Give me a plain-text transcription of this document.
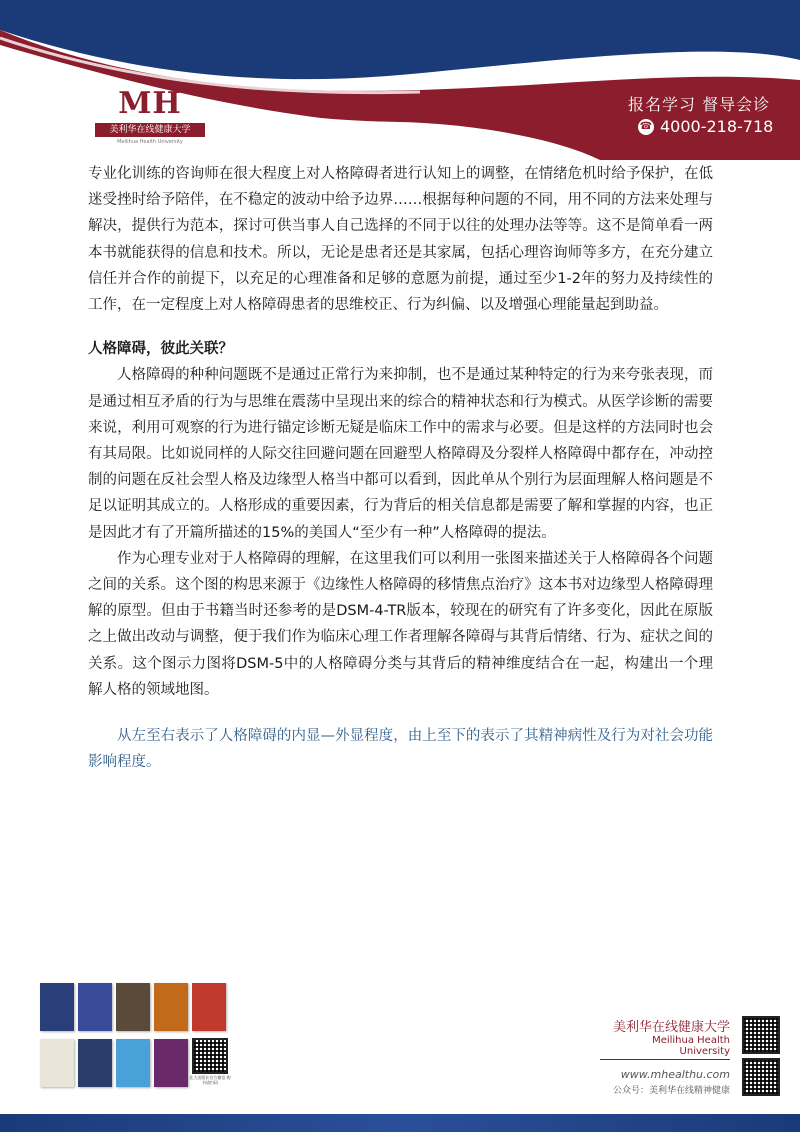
MH
美利华在线健康大学
Meilihua Health University
报名学习 督导会诊
☎ 4000-218-718

专业化训练的咨询师在很大程度上对人格障碍者进行认知上的调整，在情绪危机时给予保护，在低迷受挫时给予陪伴，在不稳定的波动中给予边界……根据每种问题的不同，用不同的方法来处理与解决，提供行为范本，探讨可供当事人自己选择的不同于以往的处理办法等等。这不是简单看一两本书就能获得的信息和技术。所以，无论是患者还是其家属，包括心理咨询师等多方，在充分建立信任并合作的前提下，以充足的心理准备和足够的意愿为前提，通过至少1-2年的努力及持续性的工作，在一定程度上对人格障碍患者的思维校正、行为纠偏、以及增强心理能量起到助益。

人格障碍，彼此关联？

人格障碍的种种问题既不是通过正常行为来抑制，也不是通过某种特定的行为来夸张表现，而是通过相互矛盾的行为与思维在震荡中呈现出来的综合的精神状态和行为模式。从医学诊断的需要来说，利用可观察的行为进行锚定诊断无疑是临床工作中的需求与必要。但是这样的方法同时也会有其局限。比如说同样的人际交往回避问题在回避型人格障碍及分裂样人格障碍中都存在，冲动控制的问题在反社会型人格及边缘型人格当中都可以看到，因此单从个别行为层面理解人格问题是不足以证明其成立的。人格形成的重要因素，行为背后的相关信息都是需要了解和掌握的内容，也正是因此才有了开篇所描述的15%的美国人“至少有一种”人格障碍的提法。

作为心理专业对于人格障碍的理解，在这里我们可以利用一张图来描述关于人格障碍各个问题之间的关系。这个图的构思来源于《边缘性人格障碍的移情焦点治疗》这本书对边缘型人格障碍理解的原型。但由于书籍当时还参考的是DSM-4-TR版本，较现在的研究有了许多变化，因此在原版之上做出改动与调整，便于我们作为临床心理工作者理解各障碍与其背后情绪、行为、症状之间的关系。这个图示力图将DSM-5中的人格障碍分类与其背后的精神维度结合在一起，构建出一个理解人格的领域地图。

从左至右表示了人格障碍的内显—外显程度，由上至下的表示了其精神病性及行为对社会功能影响程度。

北大出版社官方微信 购书请扫码
美利华在线健康大学
Meilihua Health University
www.mhealthu.com
公众号：美利华在线精神健康
